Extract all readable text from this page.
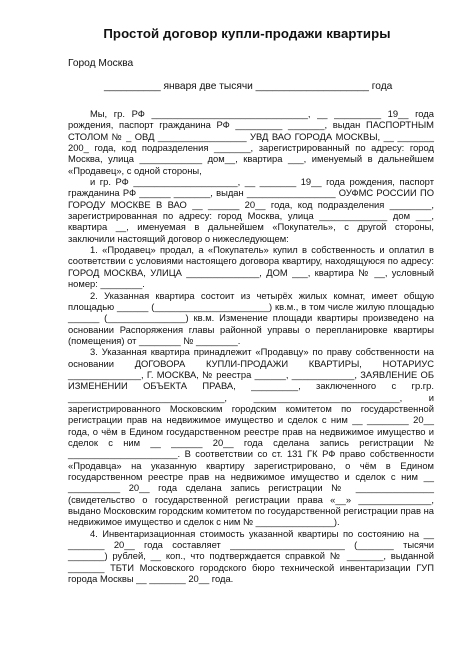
Простой договор купли-продажи квартиры
Город Москва
__________ января две тысячи ____________________ года

Мы, гр. РФ ______________________________, __ _________ 19__ года рождения, паспорт гражданина РФ _________ _______, выдан ПАСПОРТНЫМ СТОЛОМ № _ ОВД _________________ УВД ВАО ГОРОДА МОСКВЫ, __ _______ 200_ года, код подразделения _______, зарегистрированный по адресу: город Москва, улица ____________ дом__, квартира ___, именуемый в дальнейшем «Продавец», с одной стороны,

и гр. РФ ____________________, __ _______ 19__ года рождения, паспорт гражданина РФ ______ _______, выдан _________________ ОУФМС РОССИИ ПО ГОРОДУ МОСКВЕ В ВАО __ ______ 20__ года, код подразделения ________, зарегистрированная по адресу: город Москва, улица _____________ дом ___, квартира __, именуемая в дальнейшем «Покупатель», с другой стороны, заключили настоящий договор о нижеследующем:

1. «Продавец» продал, а «Покупатель» купил в собственность и оплатил в соответствии с условиями настоящего договора квартиру, находящуюся по адресу: ГОРОД МОСКВА, УЛИЦА ______________, ДОМ ___, квартира № __, условный номер: ________.

2. Указанная квартира состоит из четырёх жилых комнат, имеет общую площадью ______ (______________________) кв.м., в том числе жилую площадью ______ (_______________) кв.м. Изменение площади квартиры произведено на основании Распоряжения главы районной управы о перепланировке квартиры (помещения) от ________ № ________.

3. Указанная квартира принадлежит «Продавцу» по праву собственности на основании ДОГОВОРА КУПЛИ-ПРОДАЖИ КВАРТИРЫ, НОТАРИУС ______________, Г. МОСКВА, № реестра ______, ____________, ЗАЯВЛЕНИЕ ОБ ИЗМЕНЕНИИ ОБЪЕКТА ПРАВА, _________, заключенного с гр.гр. ______________________________, ____________________________, и зарегистрированного Московским городским комитетом по государственной регистрации прав на недвижимое имущество и сделок с ним __ ________ 20__ года, о чём в Едином государственном реестре прав на недвижимое имущество и сделок с ним __ ______ 20__ года сделана запись регистрации № _____________________. В соответствии со ст. 131 ГК РФ право собственности «Продавца» на указанную квартиру зарегистрировано, о чём в Едином государственном реестре прав на недвижимое имущество и сделок с ним __ __________ 20__ года сделана запись регистрации № _______________ (свидетельство о государственной регистрации права «__» ______________, выдано Московским городским комитетом по государственной регистрации прав на недвижимое имущество и сделок с ним № _______________).

4. Инвентаризационная стоимость указанной квартиры по состоянию на __ _______ 20__ года составляет ______________________ (_______ тысячи _______) рублей, __ коп., что подтверждается справкой № _______, выданной _______ ТБТИ Московского городского бюро технической инвентаризации ГУП города Москвы __ _______ 20__ года.
